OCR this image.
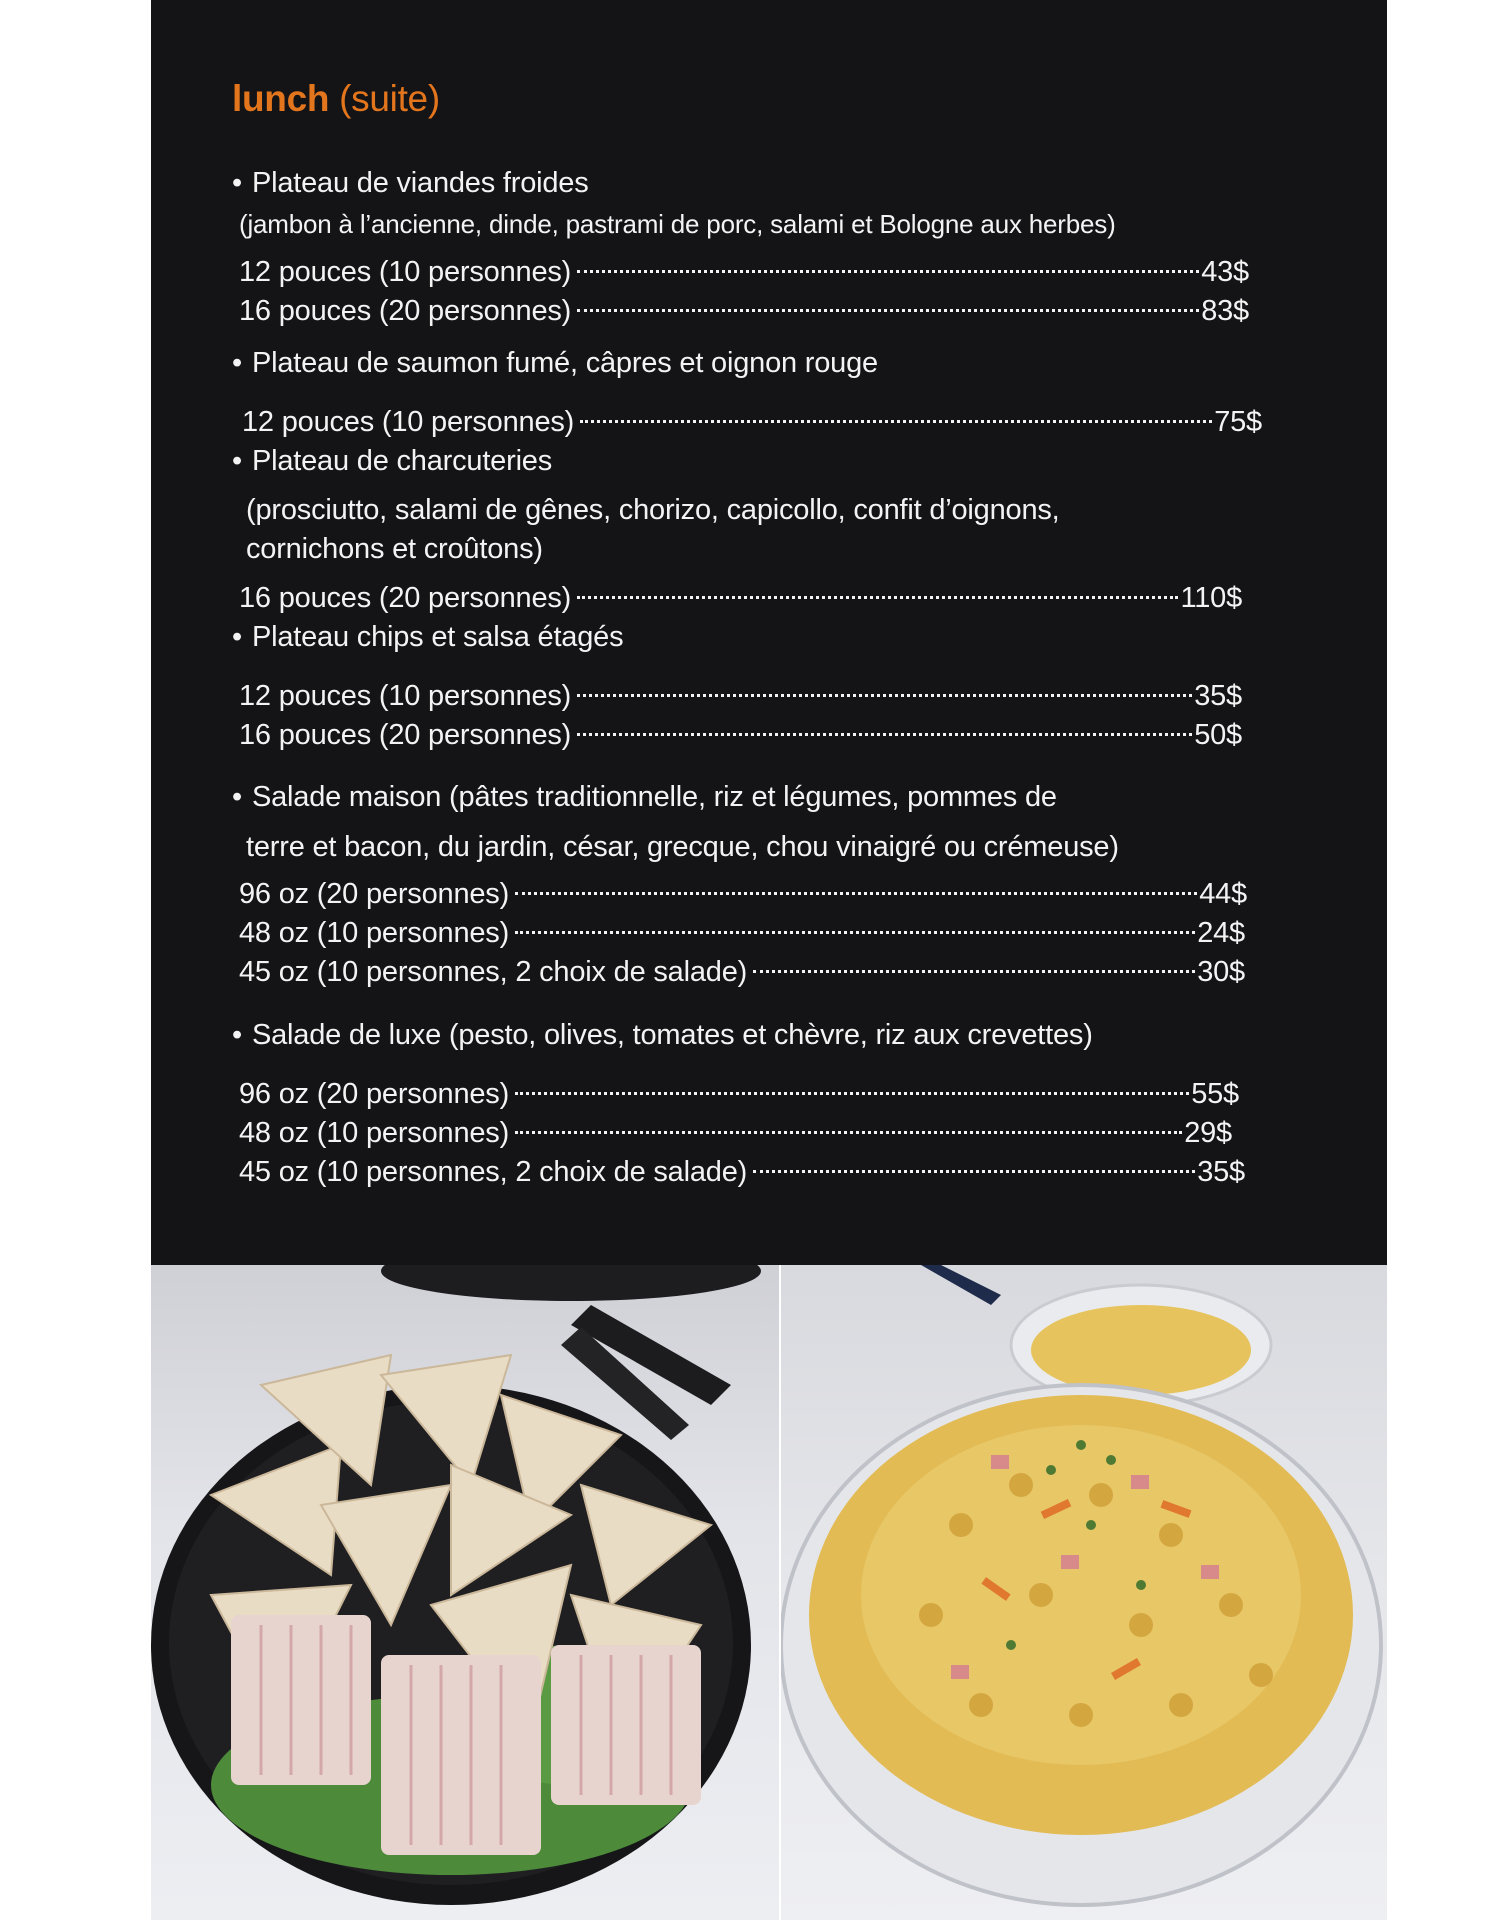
lunch (suite)
• Plateau de viandes froides
(jambon à l’ancienne, dinde, pastrami de porc, salami et Bologne aux herbes)
12 pouces (10 personnes)	43$
16 pouces (20 personnes)	83$
• Plateau de saumon fumé, câpres et oignon rouge
12 pouces (10 personnes)	75$
• Plateau de charcuteries
(prosciutto, salami de gênes, chorizo, capicollo, confit d’oignons,
cornichons et croûtons)
16 pouces (20 personnes)	110$
• Plateau chips et salsa étagés
12 pouces (10 personnes)	35$
16 pouces (20 personnes)	50$
• Salade maison (pâtes traditionnelle, riz et légumes, pommes de
terre et bacon, du jardin, césar, grecque, chou vinaigré ou crémeuse)
96 oz (20 personnes)	44$
48 oz (10 personnes)	24$
45 oz (10 personnes, 2 choix de salade)	30$
• Salade de luxe (pesto, olives, tomates et chèvre, riz aux crevettes)
96 oz (20 personnes)	55$
48 oz (10 personnes)	29$
45 oz (10 personnes, 2 choix de salade)	35$
